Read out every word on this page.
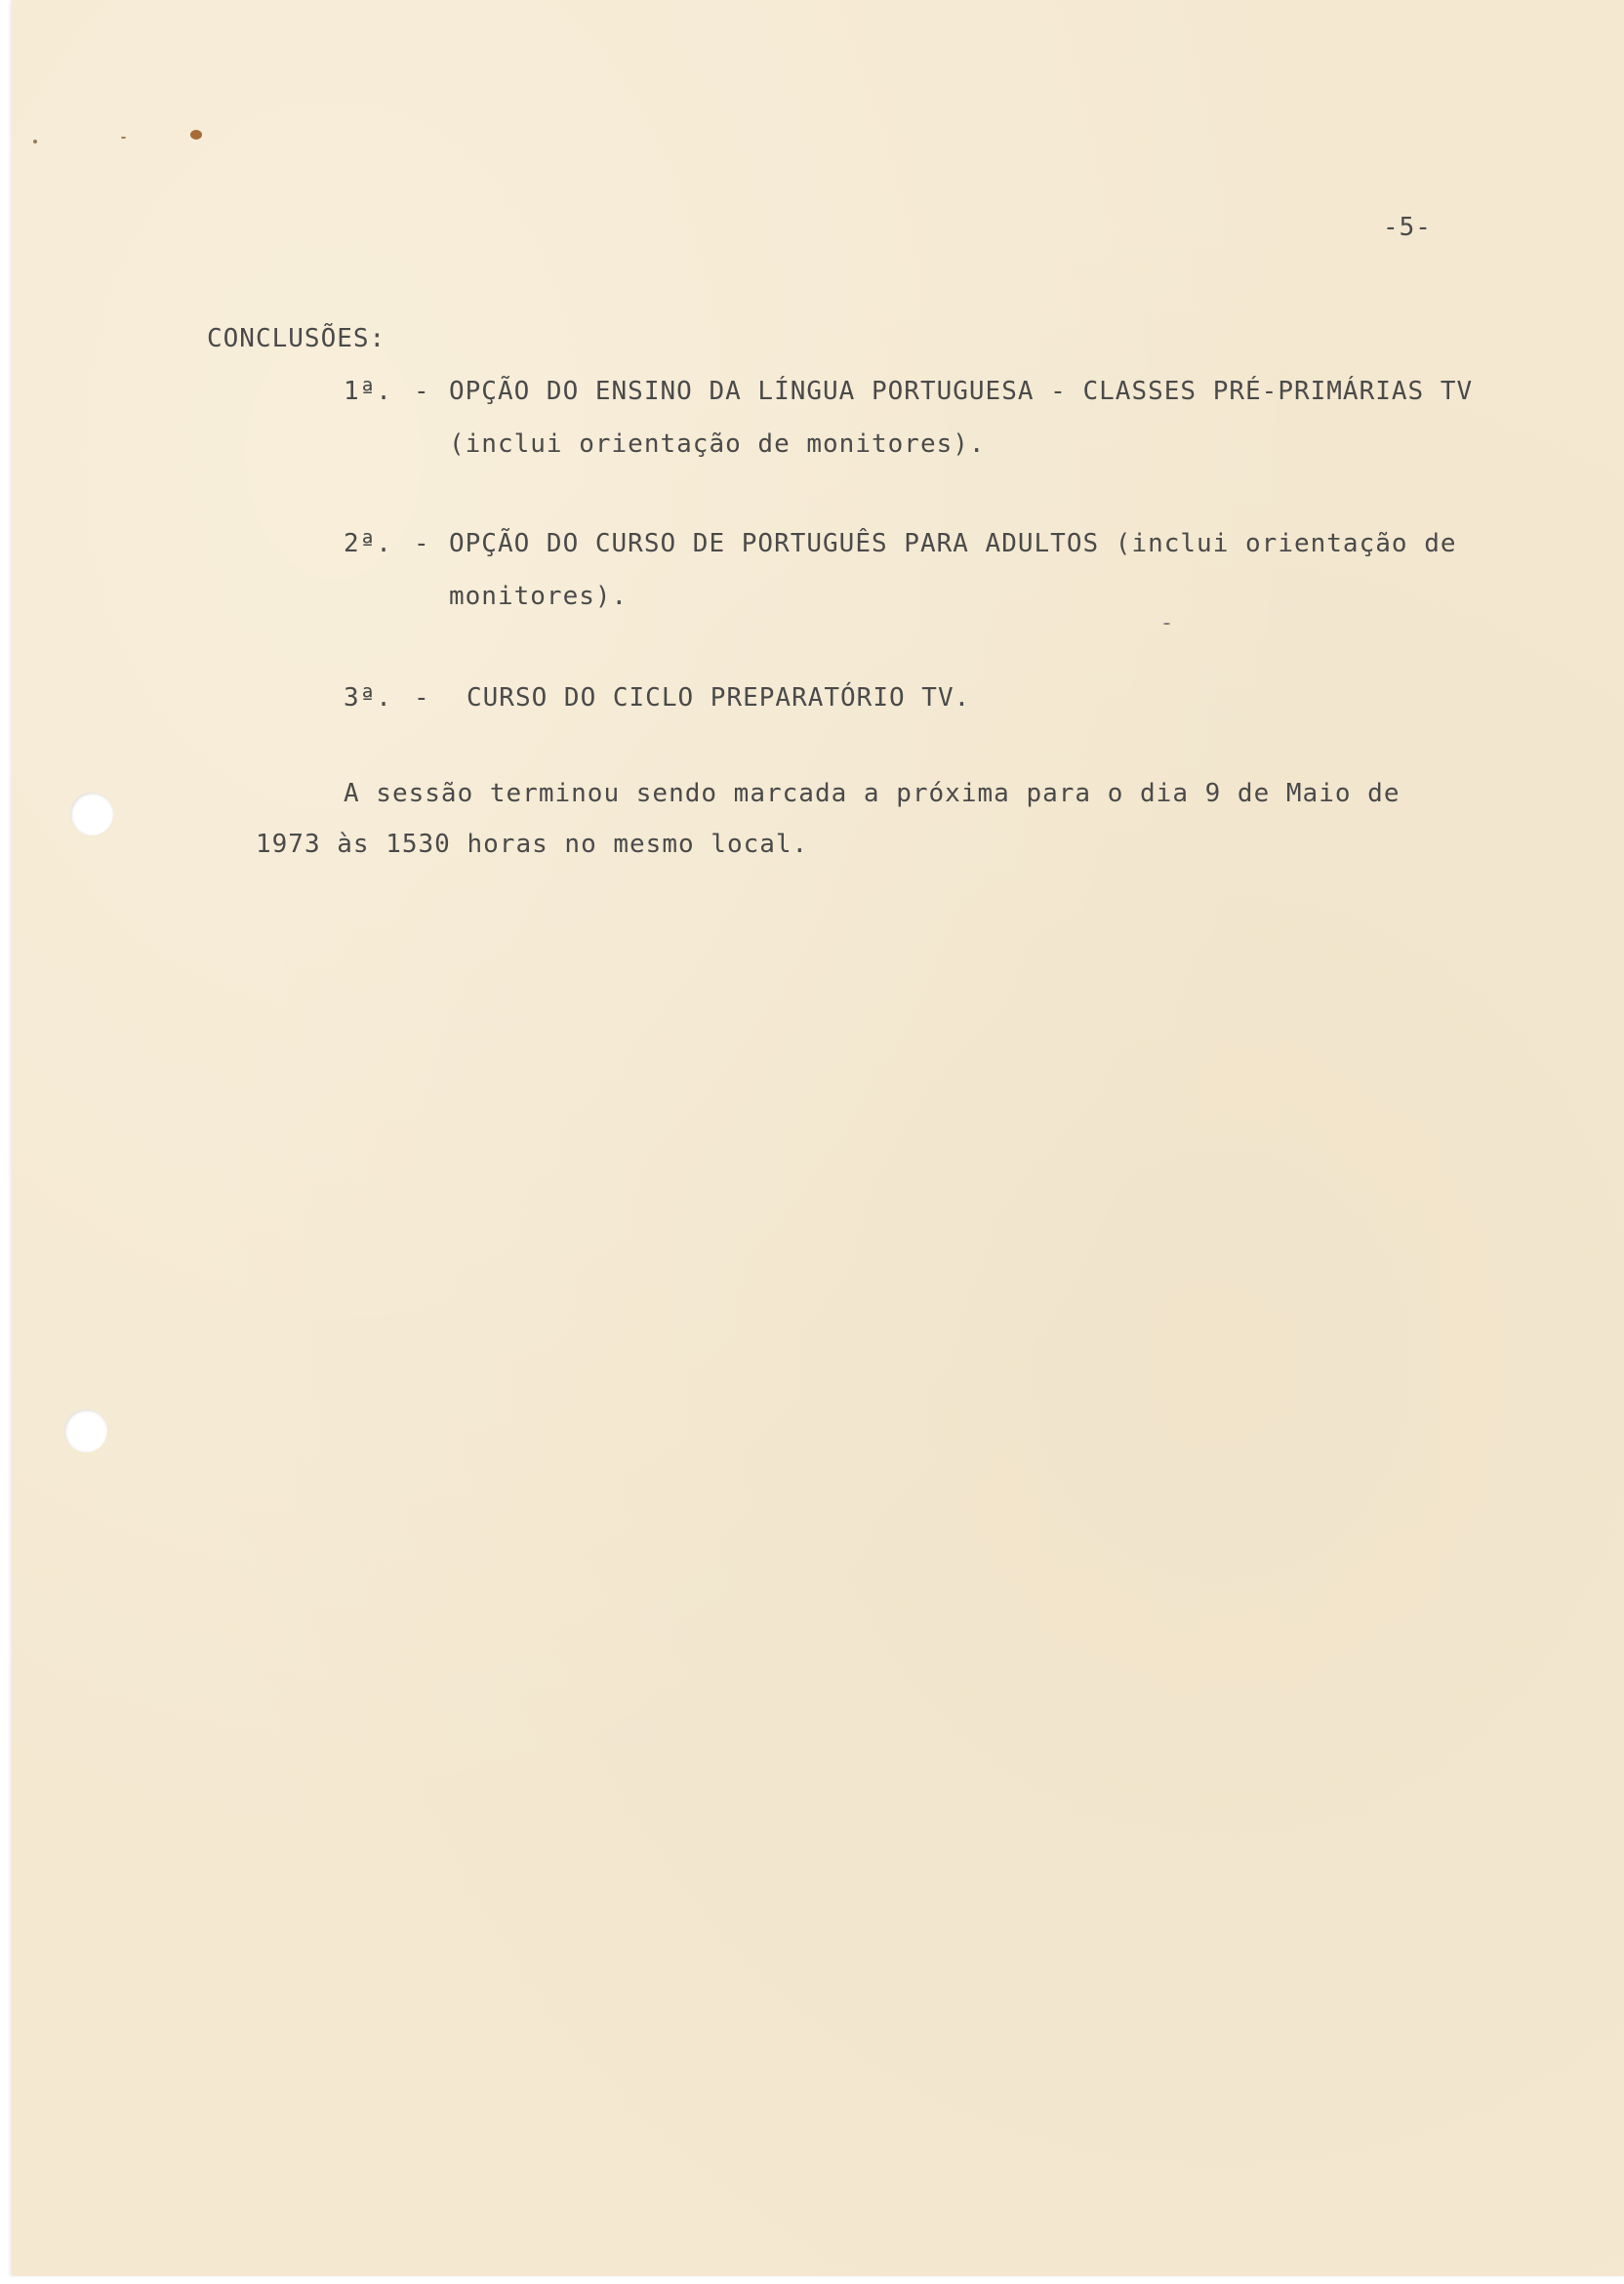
-5-
CONCLUSÕES:
1ª. - OPÇÃO DO ENSINO DA LÍNGUA PORTUGUESA - CLASSES PRÉ-PRIMÁRIAS TV
(inclui orientação de monitores).
2ª. - OPÇÃO DO CURSO DE PORTUGUÊS PARA ADULTOS (inclui orientação de
monitores).
3ª. - CURSO DO CICLO PREPARATÓRIO TV.
A sessão terminou sendo marcada a próxima para o dia 9 de Maio de
1973 às 1530 horas no mesmo local.
